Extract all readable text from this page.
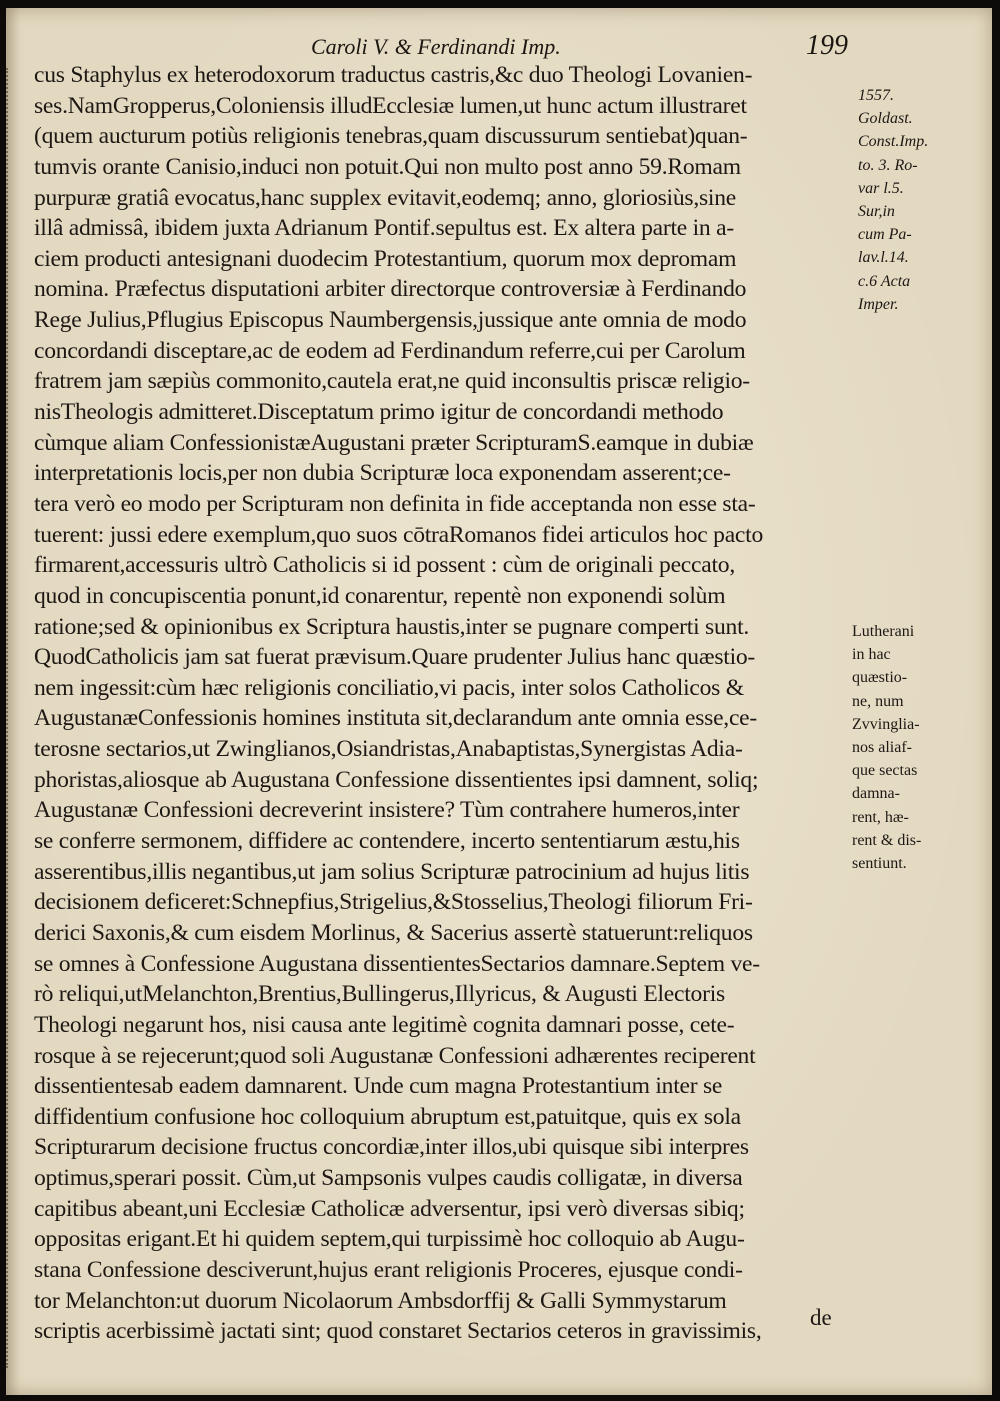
Caroli V. & Ferdinandi Imp.	199
cus Staphylus ex heterodoxorum traductus castris,&c duo Theologi Lovanien-
ses.NamGropperus,Coloniensis illudEcclesiæ lumen,ut hunc actum illustraret
(quem aucturum potiùs religionis tenebras,quam discussurum sentiebat)quan-
tumvis orante Canisio,induci non potuit.Qui non multo post anno 59.Romam
purpuræ gratiâ evocatus,hanc supplex evitavit,eodemq; anno, gloriosiùs,sine
illâ admissâ, ibidem juxta Adrianum Pontif.sepultus est. Ex altera parte in a-
ciem producti antesignani duodecim Protestantium, quorum mox depromam
nomina. Præfectus disputationi arbiter directorque controversiæ à Ferdinando
Rege Julius,Pflugius Episcopus Naumbergensis,jussique ante omnia de modo
concordandi disceptare,ac de eodem ad Ferdinandum referre,cui per Carolum
fratrem jam sæpiùs commonito,cautela erat,ne quid inconsultis priscæ religio-
nisTheologis admitteret.Disceptatum primo igitur de concordandi methodo
cùmque aliam ConfessionistæAugustani præter ScripturamS.eamque in dubiæ
interpretationis locis,per non dubia Scripturæ loca exponendam asserent;ce-
tera verò eo modo per Scripturam non definita in fide acceptanda non esse sta-
tuerent: jussi edere exemplum,quo suos cōtraRomanos fidei articulos hoc pacto
firmarent,accessuris ultrò Catholicis si id possent : cùm de originali peccato,
quod in concupiscentia ponunt,id conarentur, repentè non exponendi solùm
ratione;sed & opinionibus ex Scriptura haustis,inter se pugnare comperti sunt.
QuodCatholicis jam sat fuerat prævisum.Quare prudenter Julius hanc quæstio-
nem ingessit:cùm hæc religionis conciliatio,vi pacis, inter solos Catholicos &
AugustanæConfessionis homines instituta sit,declarandum ante omnia esse,ce-
terosne sectarios,ut Zwinglianos,Osiandristas,Anabaptistas,Synergistas Adia-
phoristas,aliosque ab Augustana Confessione dissentientes ipsi damnent, soliq;
Augustanæ Confessioni decreverint insistere? Tùm contrahere humeros,inter
se conferre sermonem, diffidere ac contendere, incerto sententiarum æstu,his
asserentibus,illis negantibus,ut jam solius Scripturæ patrocinium ad hujus litis
decisionem deficeret:Schnepfius,Strigelius,&Stosselius,Theologi filiorum Fri-
derici Saxonis,& cum eisdem Morlinus, & Sacerius assertè statuerunt:reliquos
se omnes à Confessione Augustana dissentientesSectarios damnare.Septem ve-
rò reliqui,utMelanchton,Brentius,Bullingerus,Illyricus, & Augusti Electoris
Theologi negarunt hos, nisi causa ante legitimè cognita damnari posse, cete-
rosque à se rejecerunt;quod soli Augustanæ Confessioni adhærentes reciperent
dissentientesab eadem damnarent. Unde cum magna Protestantium inter se
diffidentium confusione hoc colloquium abruptum est,patuitque, quis ex sola
Scripturarum decisione fructus concordiæ,inter illos,ubi quisque sibi interpres
optimus,sperari possit. Cùm,ut Sampsonis vulpes caudis colligatæ, in diversa
capitibus abeant,uni Ecclesiæ Catholicæ adversentur, ipsi verò diversas sibiq;
oppositas erigant.Et hi quidem septem,qui turpissimè hoc colloquio ab Augu-
stana Confessione desciverunt,hujus erant religionis Proceres, ejusque condi-
tor Melanchton:ut duorum Nicolaorum Ambsdorffij & Galli Symmystarum
scriptis acerbissimè jactati sint; quod constaret Sectarios ceteros in gravissimis,
1557.
Goldast.
Const.Imp.
to. 3. Ro-
var l.5.
Sur,in
cum Pa-
lav.l.14.
c.6 Acta
Imper.
Lutherani
in hac
quæstio-
ne, num
Zvvinglia-
nos aliaf-
que sectas
damna-
rent, hæ-
rent & dis-
sentiunt.
de
